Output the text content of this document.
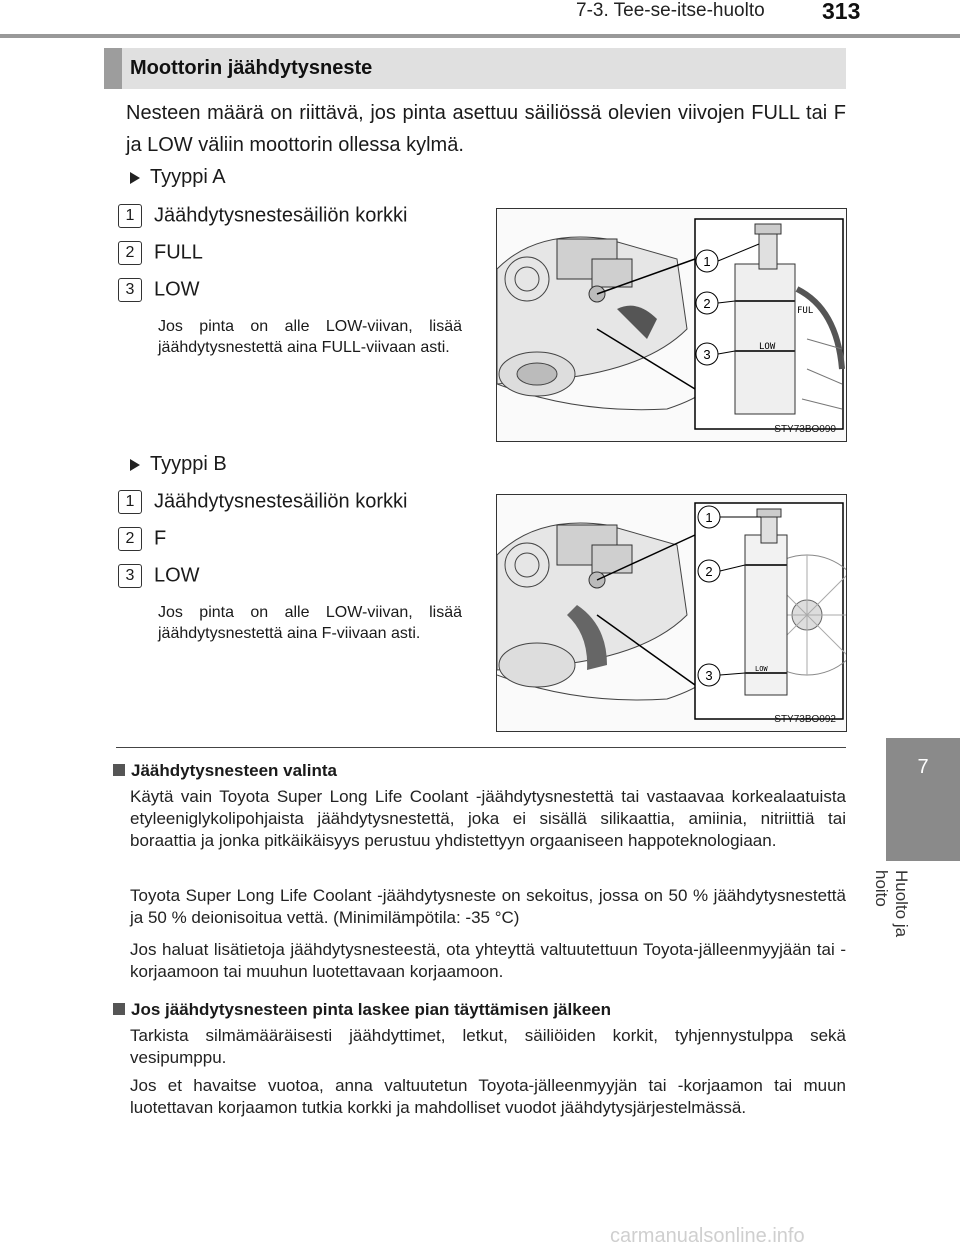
7-3. Tee-se-itse-huolto 313
7
Huolto ja hoito
Moottorin jäähdytysneste
Nesteen määrä on riittävä, jos pinta asettuu säiliössä olevien viivojen FULL tai F ja LOW väliin moottorin ollessa kylmä.
Tyyppi A
1 Jäähdytysnestesäiliön korkki
2 FULL
3 LOW
Jos pinta on alle LOW-viivan, lisää jäähdytysnestettä aina FULL-viivaan asti.
FUL
LOW
1
2
3
STY73BO090
Tyyppi B
1 Jäähdytysnestesäiliön korkki
2 F
3 LOW
Jos pinta on alle LOW-viivan, lisää jäähdytysnestettä aina F-viivaan asti.
LOW
1
2
3
STY73BO092
Jäähdytysnesteen valinta
Käytä vain Toyota Super Long Life Coolant -jäähdytysnestettä tai vastaavaa korkealaatuista etyleeniglykolipohjaista jäähdytysnestettä, joka ei sisällä silikaattia, amiinia, nitriittiä tai boraattia ja jonka pitkäikäisyys perustuu yhdistettyyn orgaaniseen happoteknologiaan.
Toyota Super Long Life Coolant -jäähdytysneste on sekoitus, jossa on 50 % jäähdytysnestettä ja 50 % deionisoitua vettä. (Minimilämpötila: -35 °C)
Jos haluat lisätietoja jäähdytysnesteestä, ota yhteyttä valtuutettuun Toyota-jälleenmyyjään tai -korjaamoon tai muuhun luotettavaan korjaamoon.
Jos jäähdytysnesteen pinta laskee pian täyttämisen jälkeen
Tarkista silmämääräisesti jäähdyttimet, letkut, säiliöiden korkit, tyhjennystulppa sekä vesipumppu.
Jos et havaitse vuotoa, anna valtuutetun Toyota-jälleenmyyjän tai -korjaamon tai muun luotettavan korjaamon tutkia korkki ja mahdolliset vuodot jäähdytysjärjestelmässä.
carmanualsonline.info
